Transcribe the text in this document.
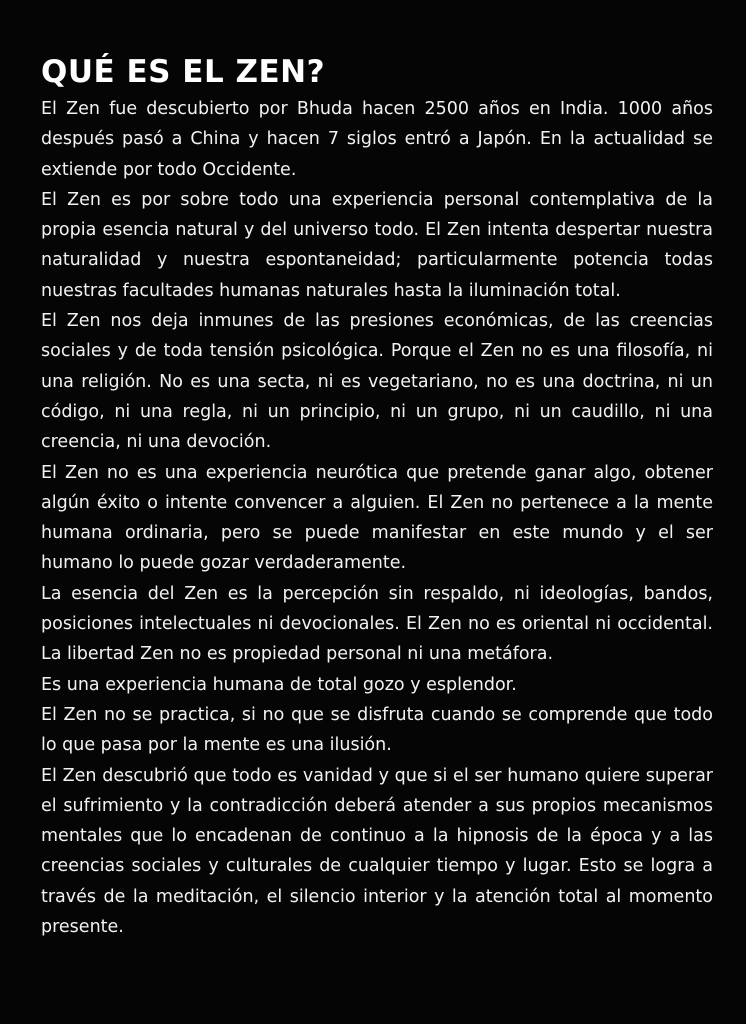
QUÉ ES EL ZEN?

El Zen fue descubierto por Bhuda hacen 2500 años en India. 1000 años después pasó a China y hacen 7 siglos entró a Japón. En la actualidad se extiende por todo Occidente.

El Zen es por sobre todo una experiencia personal contemplativa de la propia esencia natural y del universo todo. El Zen intenta despertar nuestra naturalidad y nuestra espontaneidad; particularmente potencia todas nuestras facultades humanas naturales hasta la iluminación total.

El Zen nos deja inmunes de las presiones económicas, de las creencias sociales y de toda tensión psicológica. Porque el Zen no es una filosofía, ni una religión. No es una secta, ni es vegetariano, no es una doctrina, ni un código, ni una regla, ni un principio, ni un grupo, ni un caudillo, ni una creencia, ni una devoción.

El Zen no es una experiencia neurótica que pretende ganar algo, obtener algún éxito o intente convencer a alguien. El Zen no pertenece a la mente humana ordinaria, pero se puede manifestar en este mundo y el ser humano lo puede gozar verdaderamente.

La esencia del Zen es la percepción sin respaldo, ni ideologías, bandos, posiciones intelectuales ni devocionales. El Zen no es oriental ni occidental. La libertad Zen no es propiedad personal ni una metáfora.

Es una experiencia humana de total gozo y esplendor.

El Zen no se practica, si no que se disfruta cuando se comprende que todo lo que pasa por la mente es una ilusión.

El Zen descubrió que todo es vanidad y que si el ser humano quiere superar el sufrimiento y la contradicción deberá atender a sus propios mecanismos mentales que lo encadenan de continuo a la hipnosis de la época y a las creencias sociales y culturales de cualquier tiempo y lugar. Esto se logra a través de la meditación, el silencio interior y la atención total al momento presente.
